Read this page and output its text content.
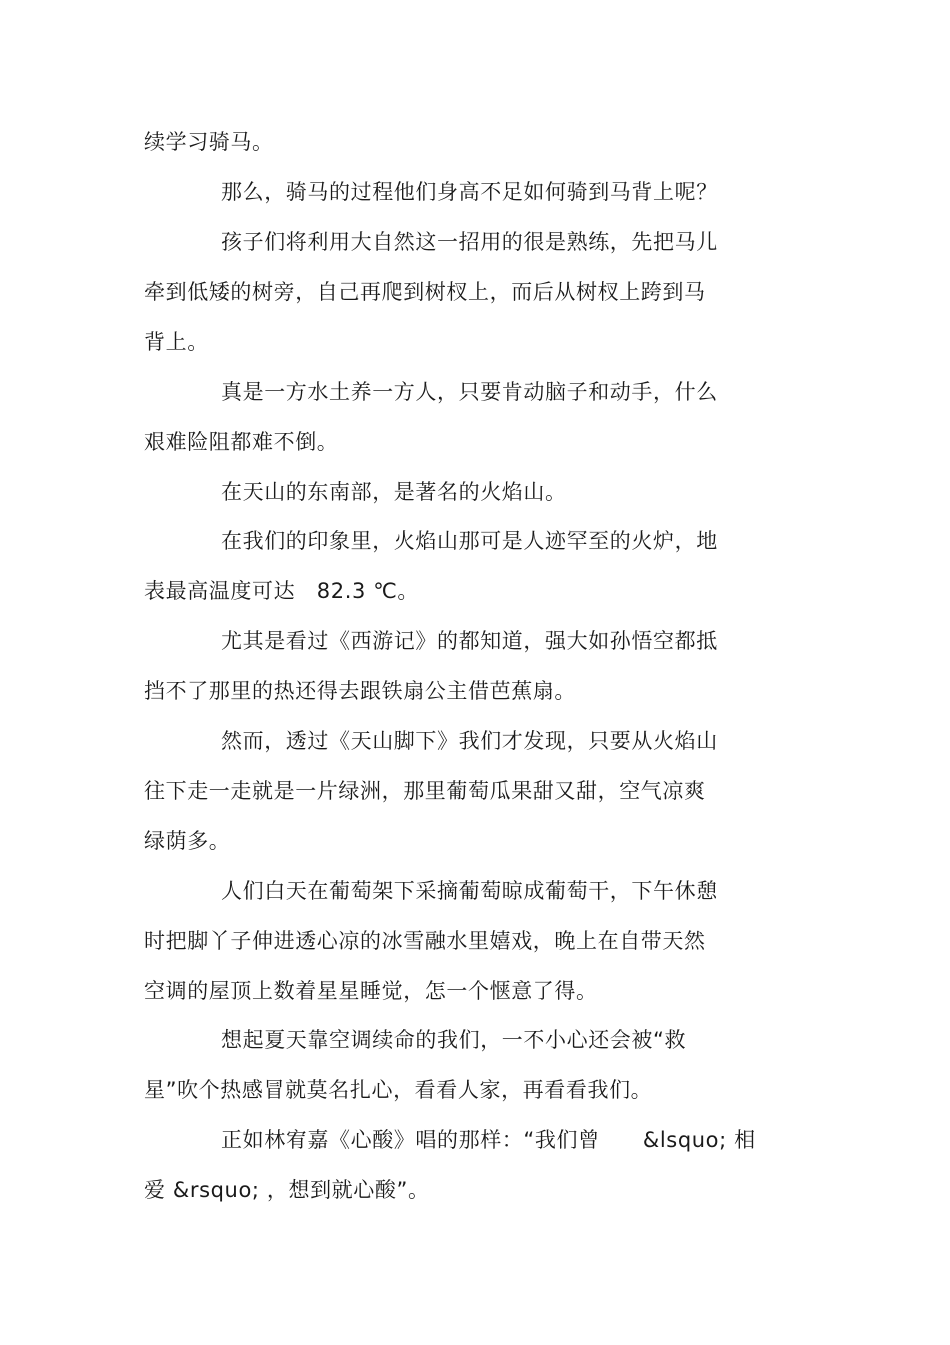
续学习骑马。
那么，骑马的过程他们身高不足如何骑到马背上呢？
孩子们将利用大自然这一招用的很是熟练，先把马儿
牵到低矮的树旁，自己再爬到树杈上，而后从树杈上跨到马
背上。
真是一方水土养一方人，只要肯动脑子和动手，什么
艰难险阻都难不倒。
在天山的东南部，是著名的火焰山。
在我们的印象里，火焰山那可是人迹罕至的火炉，地
表最高温度可达　82.3 ℃。
尤其是看过《西游记》的都知道，强大如孙悟空都抵
挡不了那里的热还得去跟铁扇公主借芭蕉扇。
然而，透过《天山脚下》我们才发现，只要从火焰山
往下走一走就是一片绿洲，那里葡萄瓜果甜又甜，空气凉爽
绿荫多。
人们白天在葡萄架下采摘葡萄晾成葡萄干，下午休憩
时把脚丫子伸进透心凉的冰雪融水里嬉戏，晚上在自带天然
空调的屋顶上数着星星睡觉，怎一个惬意了得。
想起夏天靠空调续命的我们，一不小心还会被“救
星”吹个热感冒就莫名扎心，看看人家，再看看我们。
正如林宥嘉《心酸》唱的那样：“我们曾　　&lsquo; 相
爱 &rsquo; ，想到就心酸”。
